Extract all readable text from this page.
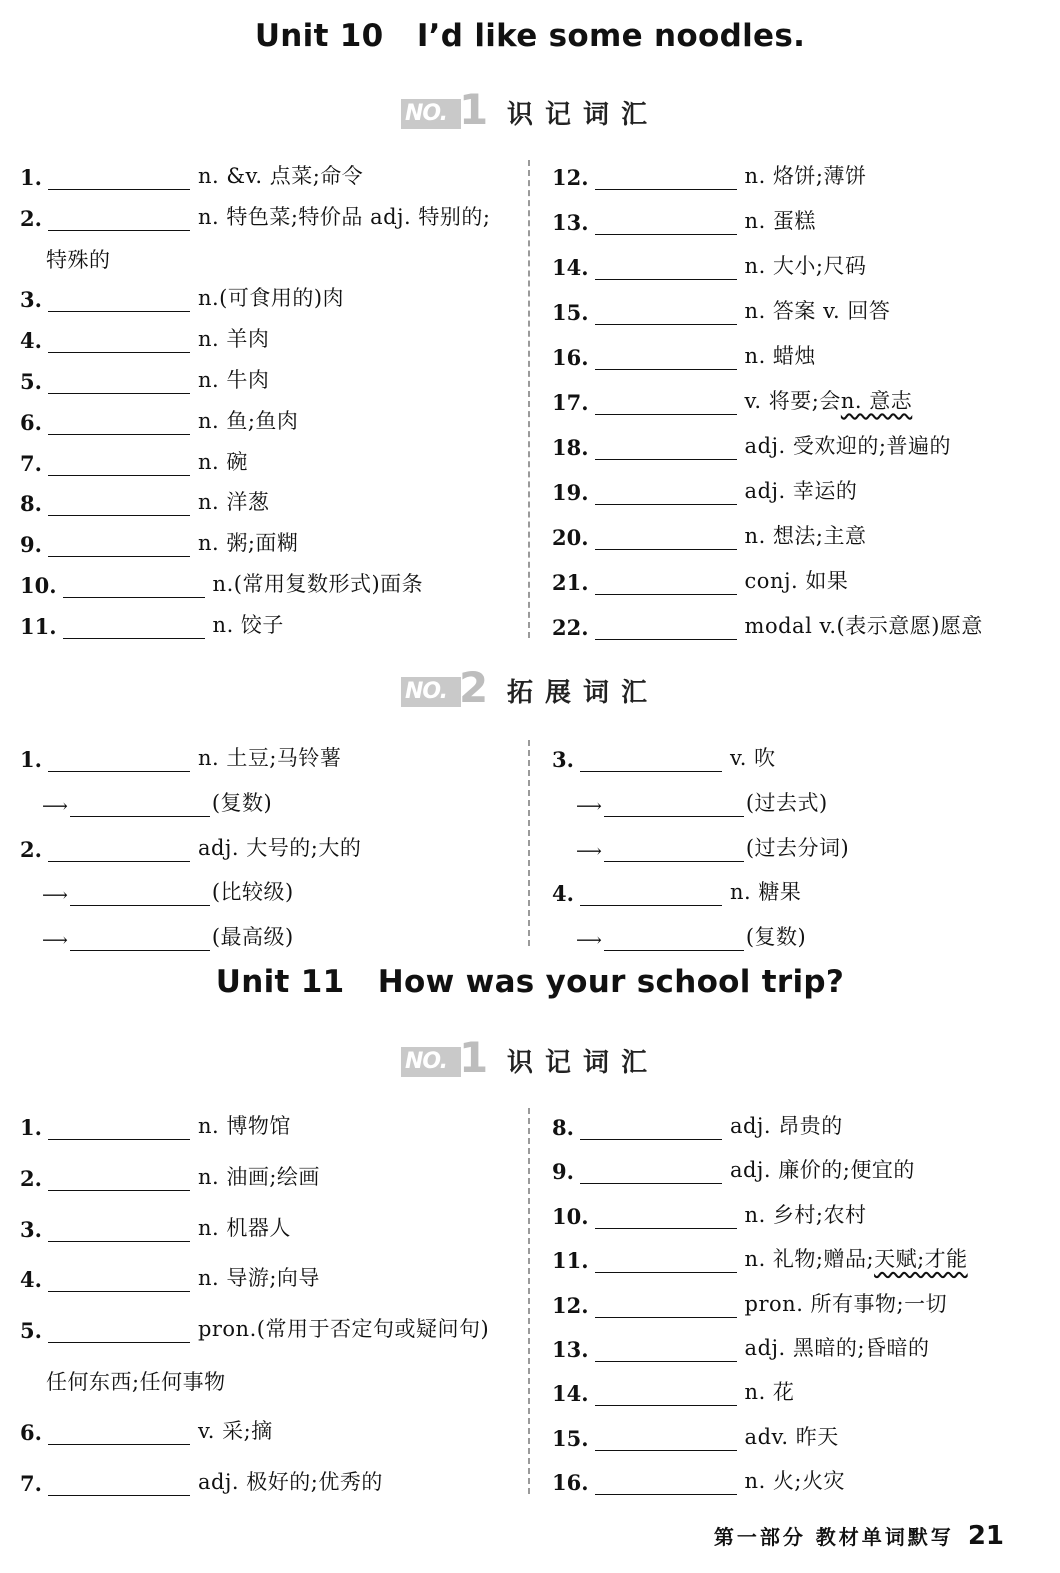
Unit 10   I’d like some noodles.
NO. 1 识记词汇
1.	n. &v. 点菜;命令
2.	n. 特色菜;特价品 adj. 特别的;
特殊的
3.	n.(可食用的)肉
4.	n. 羊肉
5.	n. 牛肉
6.	n. 鱼;鱼肉
7.	n. 碗
8.	n. 洋葱
9.	n. 粥;面糊
10.	n.(常用复数形式)面条
11.	n. 饺子
12.	n. 烙饼;薄饼
13.	n. 蛋糕
14.	n. 大小;尺码
15.	n. 答案 v. 回答
16.	n. 蜡烛
17.	v. 将要;会 n. 意志
18.	adj. 受欢迎的;普遍的
19.	adj. 幸运的
20.	n. 想法;主意
21.	conj. 如果
22.	modal v.(表示意愿)愿意
NO. 2 拓展词汇
1.	n. 土豆;马铃薯
⟶	(复数)
2.	adj. 大号的;大的
⟶	(比较级)
⟶	(最高级)
3.	v. 吹
⟶	(过去式)
⟶	(过去分词)
4.	n. 糖果
⟶	(复数)
Unit 11   How was your school trip?
NO. 1 识记词汇
1.	n. 博物馆
2.	n. 油画;绘画
3.	n. 机器人
4.	n. 导游;向导
5.	pron.(常用于否定句或疑问句)
任何东西;任何事物
6.	v. 采;摘
7.	adj. 极好的;优秀的
8.	adj. 昂贵的
9.	adj. 廉价的;便宜的
10.	n. 乡村;农村
11.	n. 礼物;赠品; 天赋;才能
12.	pron. 所有事物;一切
13.	adj. 黑暗的;昏暗的
14.	n. 花
15.	adv. 昨天
16.	n. 火;火灾
第一部分 教材单词默写 21
